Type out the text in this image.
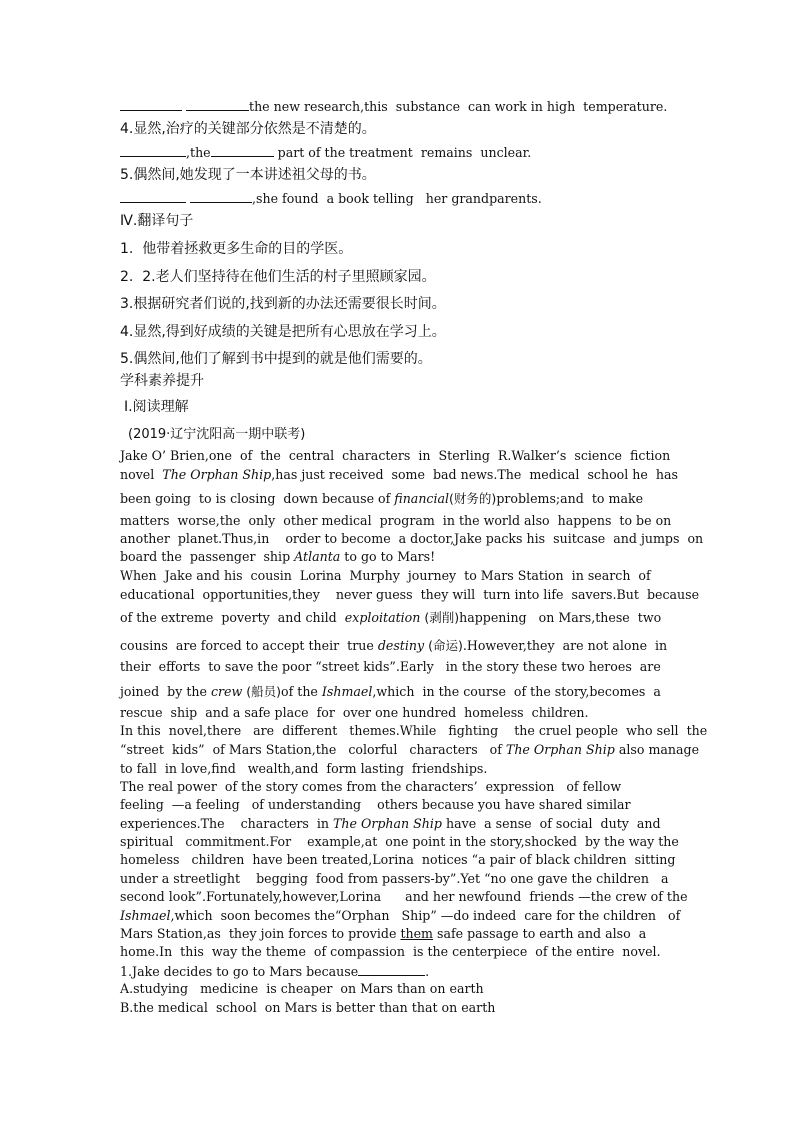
the new research,this  substance  can work in high  temperature.
4.显然,治疗的关键部分依然是不清楚的。
,the	part of the treatment  remains  unclear.
5.偶然间,她发现了一本讲述祖父母的书。
,she found  a book telling   her grandparents.
Ⅳ.翻译句子
1.  他带着拯救更多生命的目的学医。
2.  2.老人们坚持待在他们生活的村子里照顾家园。
3.根据研究者们说的,找到新的办法还需要很长时间。
4.显然,得到好成绩的关键是把所有心思放在学习上。
5.偶然间,他们了解到书中提到的就是他们需要的。
学科素养提升
Ⅰ.阅读理解
(2019·辽宁沈阳高一期中联考)
Jake O’ Brien,one  of  the  central  characters  in  Sterling  R.Walker’s  science  fiction
novel  The Orphan Ship,has just received  some  bad news.The  medical  school he  has
been going  to is closing  down because of financial(财务的)problems;and  to make
matters  worse,the  only  other medical  program  in the world also  happens  to be on
another  planet.Thus,in    order to become  a doctor,Jake packs his  suitcase  and jumps  on
board the  passenger  ship Atlanta to go to Mars!
When  Jake and his  cousin  Lorina  Murphy  journey  to Mars Station  in search  of
educational  opportunities,they    never guess  they will  turn into life  savers.But  because
of the extreme  poverty  and child  exploitation (剥削)happening   on Mars,these  two
cousins  are forced to accept their  true destiny (命运).However,they  are not alone  in
their  efforts  to save the poor “street kids”.Early   in the story these two heroes  are
joined  by the crew (船员)of the Ishmael,which  in the course  of the story,becomes  a
rescue  ship  and a safe place  for  over one hundred  homeless  children.
In this  novel,there   are  different   themes.While   fighting    the cruel people  who sell  the
“street  kids”  of Mars Station,the   colorful   characters   of The Orphan Ship also manage
to fall  in love,find   wealth,and  form lasting  friendships.
The real power  of the story comes from the characters’  expression   of fellow
feeling  —a feeling   of understanding    others because you have shared similar
experiences.The    characters  in The Orphan Ship have  a sense  of social  duty  and
spiritual   commitment.For    example,at  one point in the story,shocked  by the way the
homeless   children  have been treated,Lorina  notices “a pair of black children  sitting
under a streetlight    begging  food from passers-by”.Yet “no one gave the children   a
second look”.Fortunately,however,Lorina      and her newfound  friends —the crew of the
Ishmael,which  soon becomes the“Orphan   Ship” —do indeed  care for the children   of
Mars Station,as  they join forces to provide them safe passage to earth and also  a
home.In  this  way the theme  of compassion  is the centerpiece  of the entire  novel.
1.Jake decides to go to Mars because	.
A.studying   medicine  is cheaper  on Mars than on earth
B.the medical  school  on Mars is better than that on earth
